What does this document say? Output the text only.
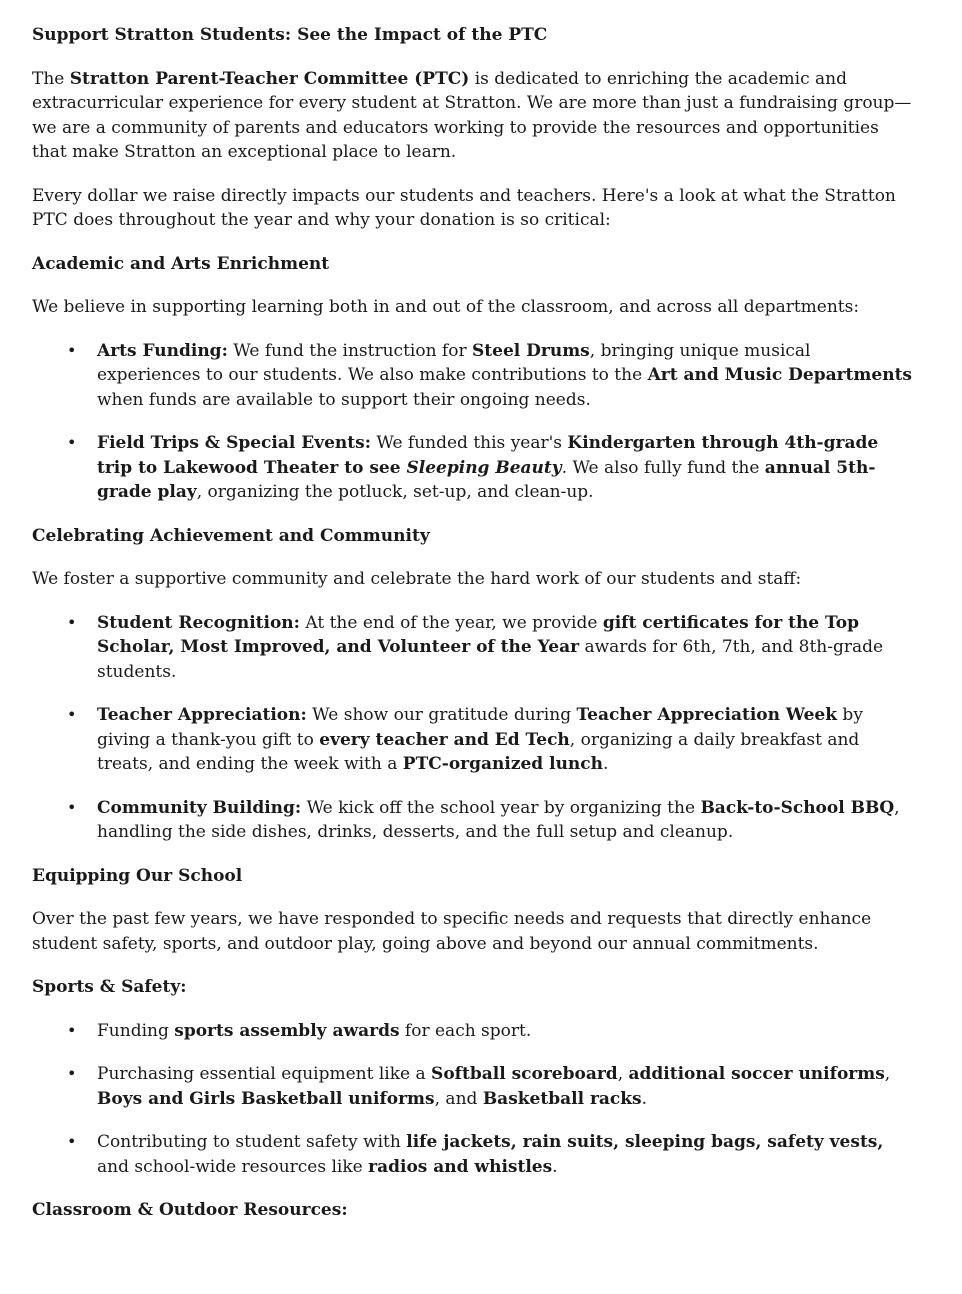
Support Stratton Students: See the Impact of the PTC

The Stratton Parent-Teacher Committee (PTC) is dedicated to enriching the academic and extracurricular experience for every student at Stratton. We are more than just a fundraising group—we are a community of parents and educators working to provide the resources and opportunities that make Stratton an exceptional place to learn.

Every dollar we raise directly impacts our students and teachers. Here's a look at what the Stratton PTC does throughout the year and why your donation is so critical:

Academic and Arts Enrichment

We believe in supporting learning both in and out of the classroom, and across all departments:

• Arts Funding: We fund the instruction for Steel Drums, bringing unique musical experiences to our students. We also make contributions to the Art and Music Departments when funds are available to support their ongoing needs.
• Field Trips & Special Events: We funded this year's Kindergarten through 4th-grade trip to Lakewood Theater to see Sleeping Beauty. We also fully fund the annual 5th-grade play, organizing the potluck, set-up, and clean-up.
Celebrating Achievement and Community

We foster a supportive community and celebrate the hard work of our students and staff:

• Student Recognition: At the end of the year, we provide gift certificates for the Top Scholar, Most Improved, and Volunteer of the Year awards for 6th, 7th, and 8th-grade students.
• Teacher Appreciation: We show our gratitude during Teacher Appreciation Week by giving a thank-you gift to every teacher and Ed Tech, organizing a daily breakfast and treats, and ending the week with a PTC-organized lunch.
• Community Building: We kick off the school year by organizing the Back-to-School BBQ, handling the side dishes, drinks, desserts, and the full setup and cleanup.
Equipping Our School

Over the past few years, we have responded to specific needs and requests that directly enhance student safety, sports, and outdoor play, going above and beyond our annual commitments.

Sports & Safety:
• Funding sports assembly awards for each sport.
• Purchasing essential equipment like a Softball scoreboard, additional soccer uniforms, Boys and Girls Basketball uniforms, and Basketball racks.
• Contributing to student safety with life jackets, rain suits, sleeping bags, safety vests, and school-wide resources like radios and whistles.
Classroom & Outdoor Resources:
